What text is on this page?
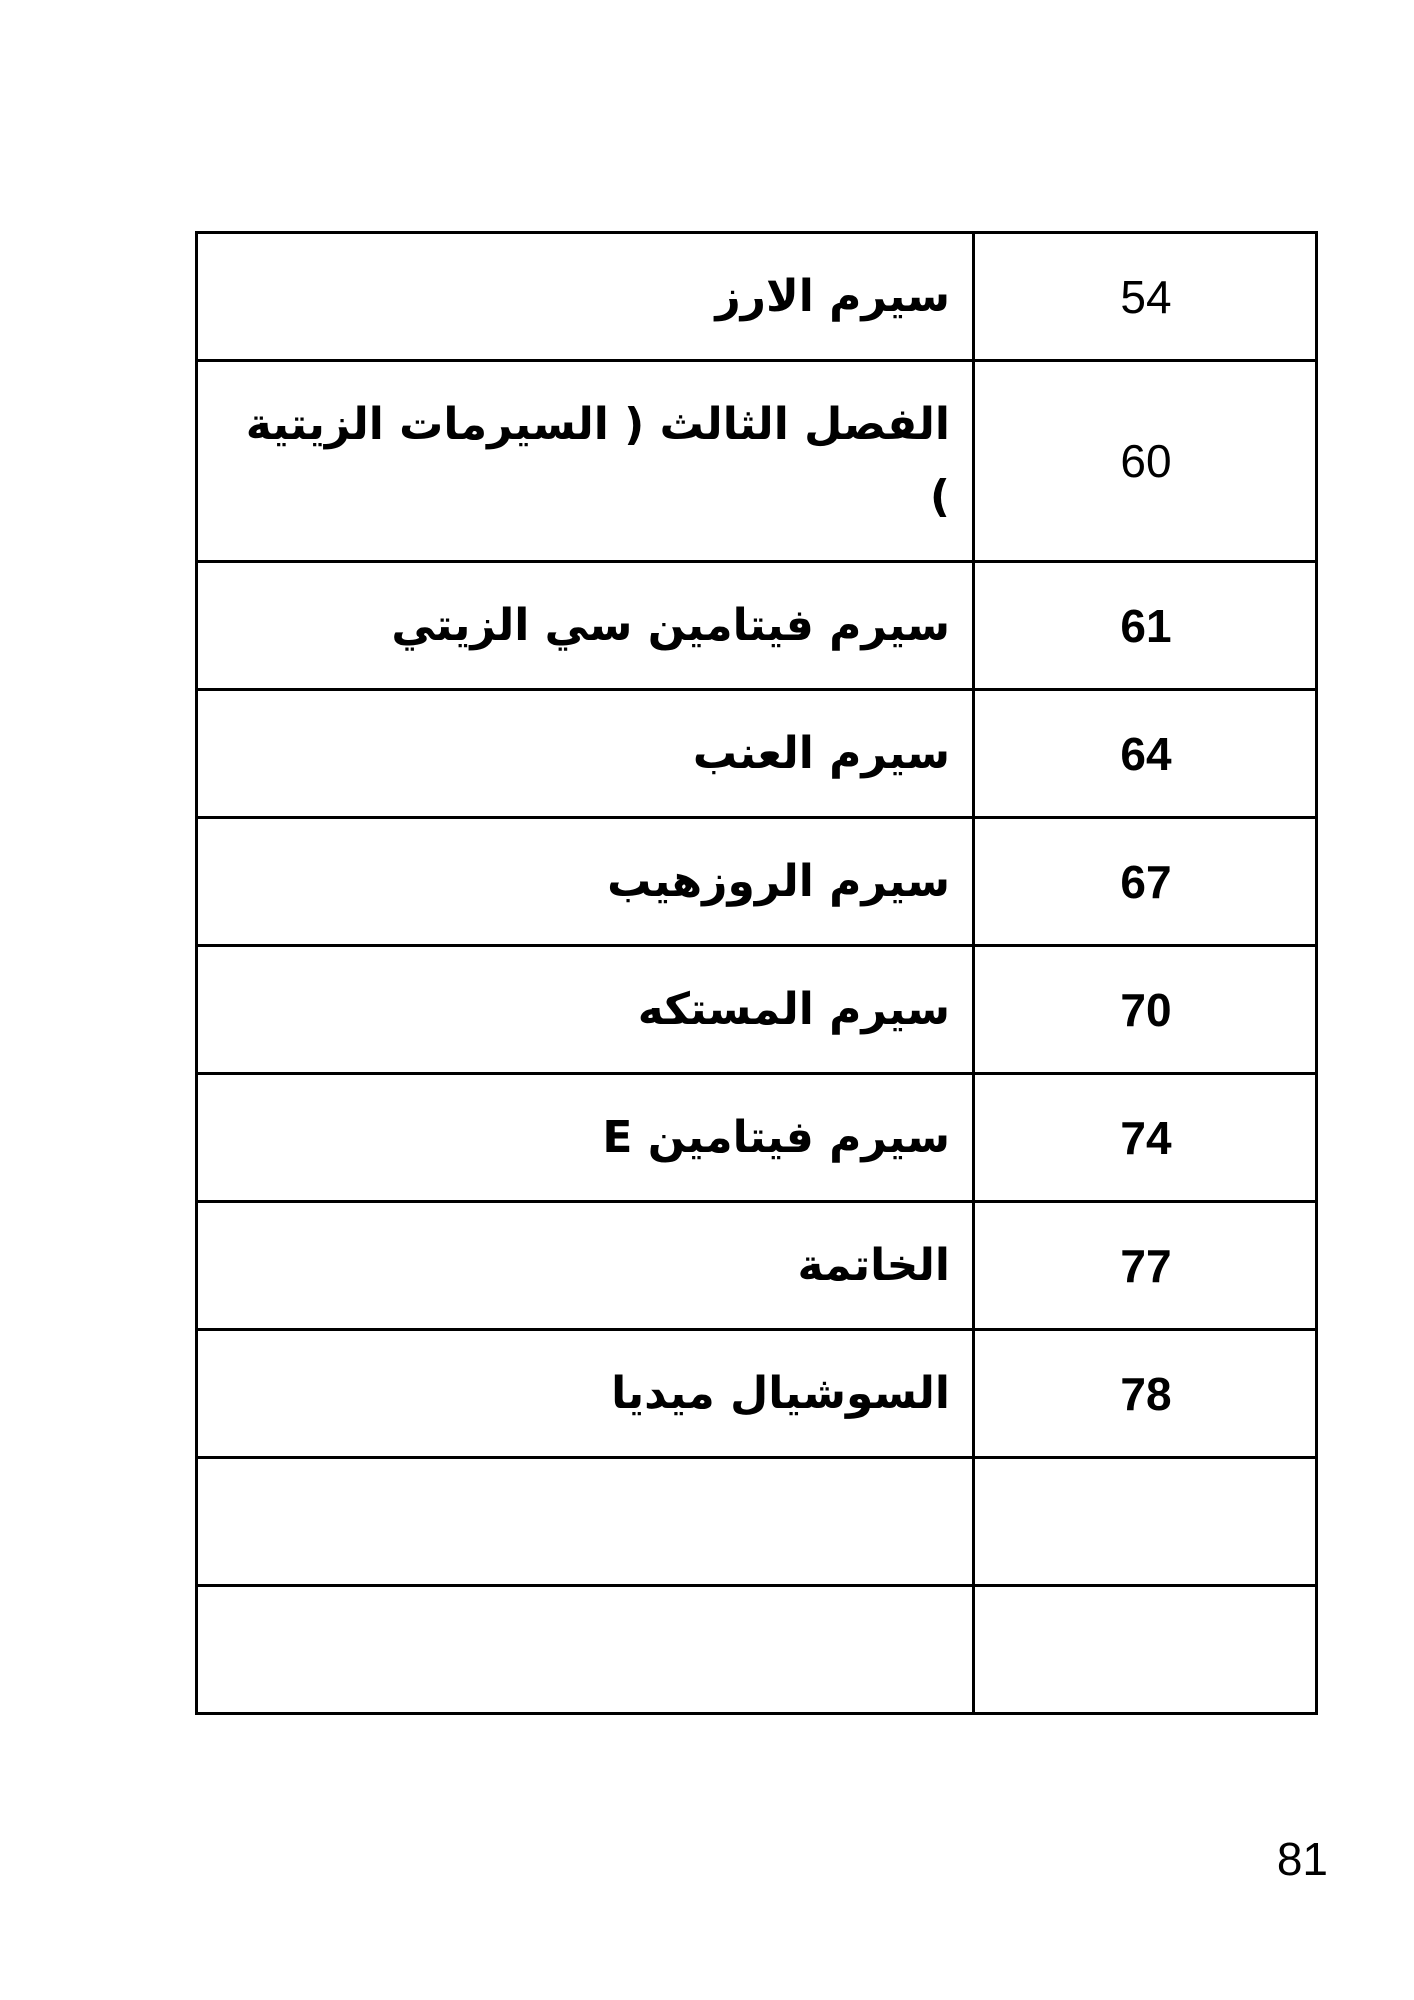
سيرم الارز	54
الفصل الثالث ( السيرمات الزيتية )	60
سيرم فيتامين سي الزيتي	61
سيرم العنب	64
سيرم الروزهيب	67
سيرم المستكه	70
سيرم فيتامين E	74
الخاتمة	77
السوشيال ميديا	78

81
